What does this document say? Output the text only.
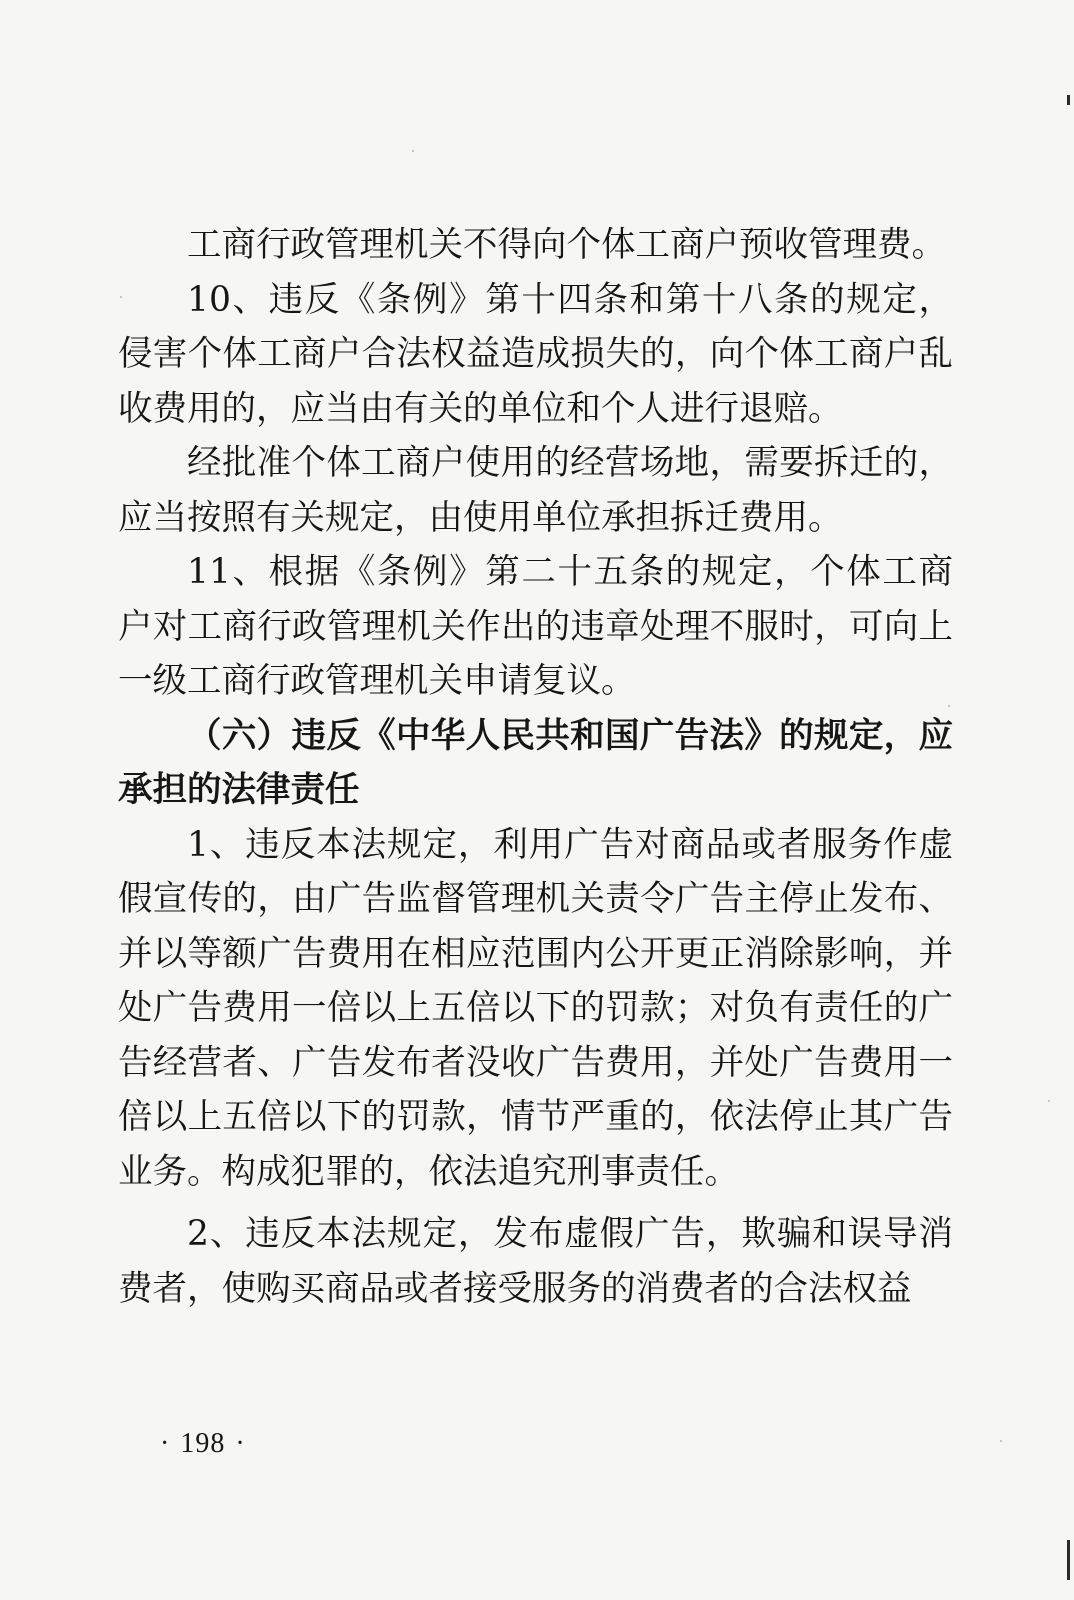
工商行政管理机关不得向个体工商户预收管理费。

10、违反《条例》第十四条和第十八条的规定，侵害个体工商户合法权益造成损失的，向个体工商户乱收费用的，应当由有关的单位和个人进行退赔。

经批准个体工商户使用的经营场地，需要拆迁的，应当按照有关规定，由使用单位承担拆迁费用。

11、根据《条例》第二十五条的规定，个体工商户对工商行政管理机关作出的违章处理不服时，可向上一级工商行政管理机关申请复议。

（六）违反《中华人民共和国广告法》的规定，应承担的法律责任

1、违反本法规定，利用广告对商品或者服务作虚假宣传的，由广告监督管理机关责令广告主停止发布、并以等额广告费用在相应范围内公开更正消除影响，并处广告费用一倍以上五倍以下的罚款；对负有责任的广告经营者、广告发布者没收广告费用，并处广告费用一倍以上五倍以下的罚款，情节严重的，依法停止其广告业务。构成犯罪的，依法追究刑事责任。

2、违反本法规定，发布虚假广告，欺骗和误导消费者，使购买商品或者接受服务的消费者的合法权益

· 198 ·
